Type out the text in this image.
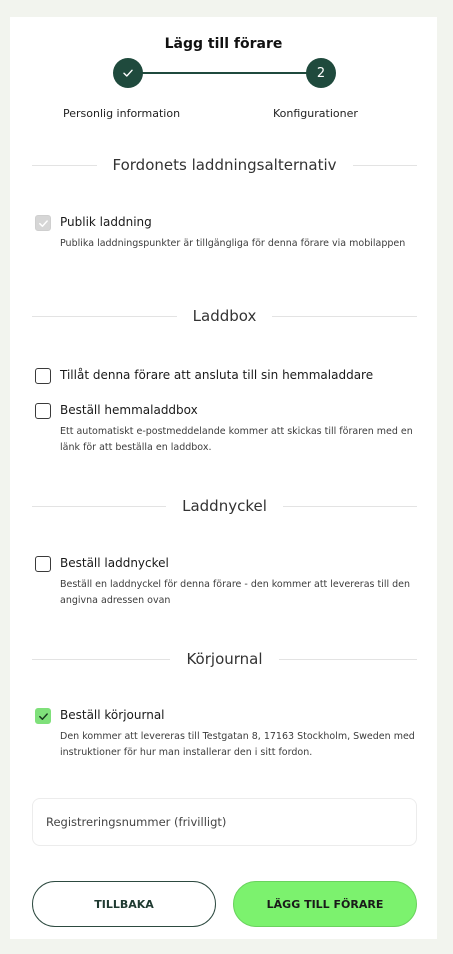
Lägg till förare
2
Personlig information	Konfigurationer
Fordonets laddningsalternativ
Publik laddning
Publika laddningspunkter är tillgängliga för denna förare via mobilappen
Laddbox
Tillåt denna förare att ansluta till sin hemmaladdare
Beställ hemmaladdbox
Ett automatiskt e-postmeddelande kommer att skickas till föraren med en länk för att beställa en laddbox.
Laddnyckel
Beställ laddnyckel
Beställ en laddnyckel för denna förare - den kommer att levereras till den angivna adressen ovan
Körjournal
Beställ körjournal
Den kommer att levereras till Testgatan 8, 17163 Stockholm, Sweden med instruktioner för hur man installerar den i sitt fordon.
Registreringsnummer (frivilligt)
TILLBAKA	LÄGG TILL FÖRARE
